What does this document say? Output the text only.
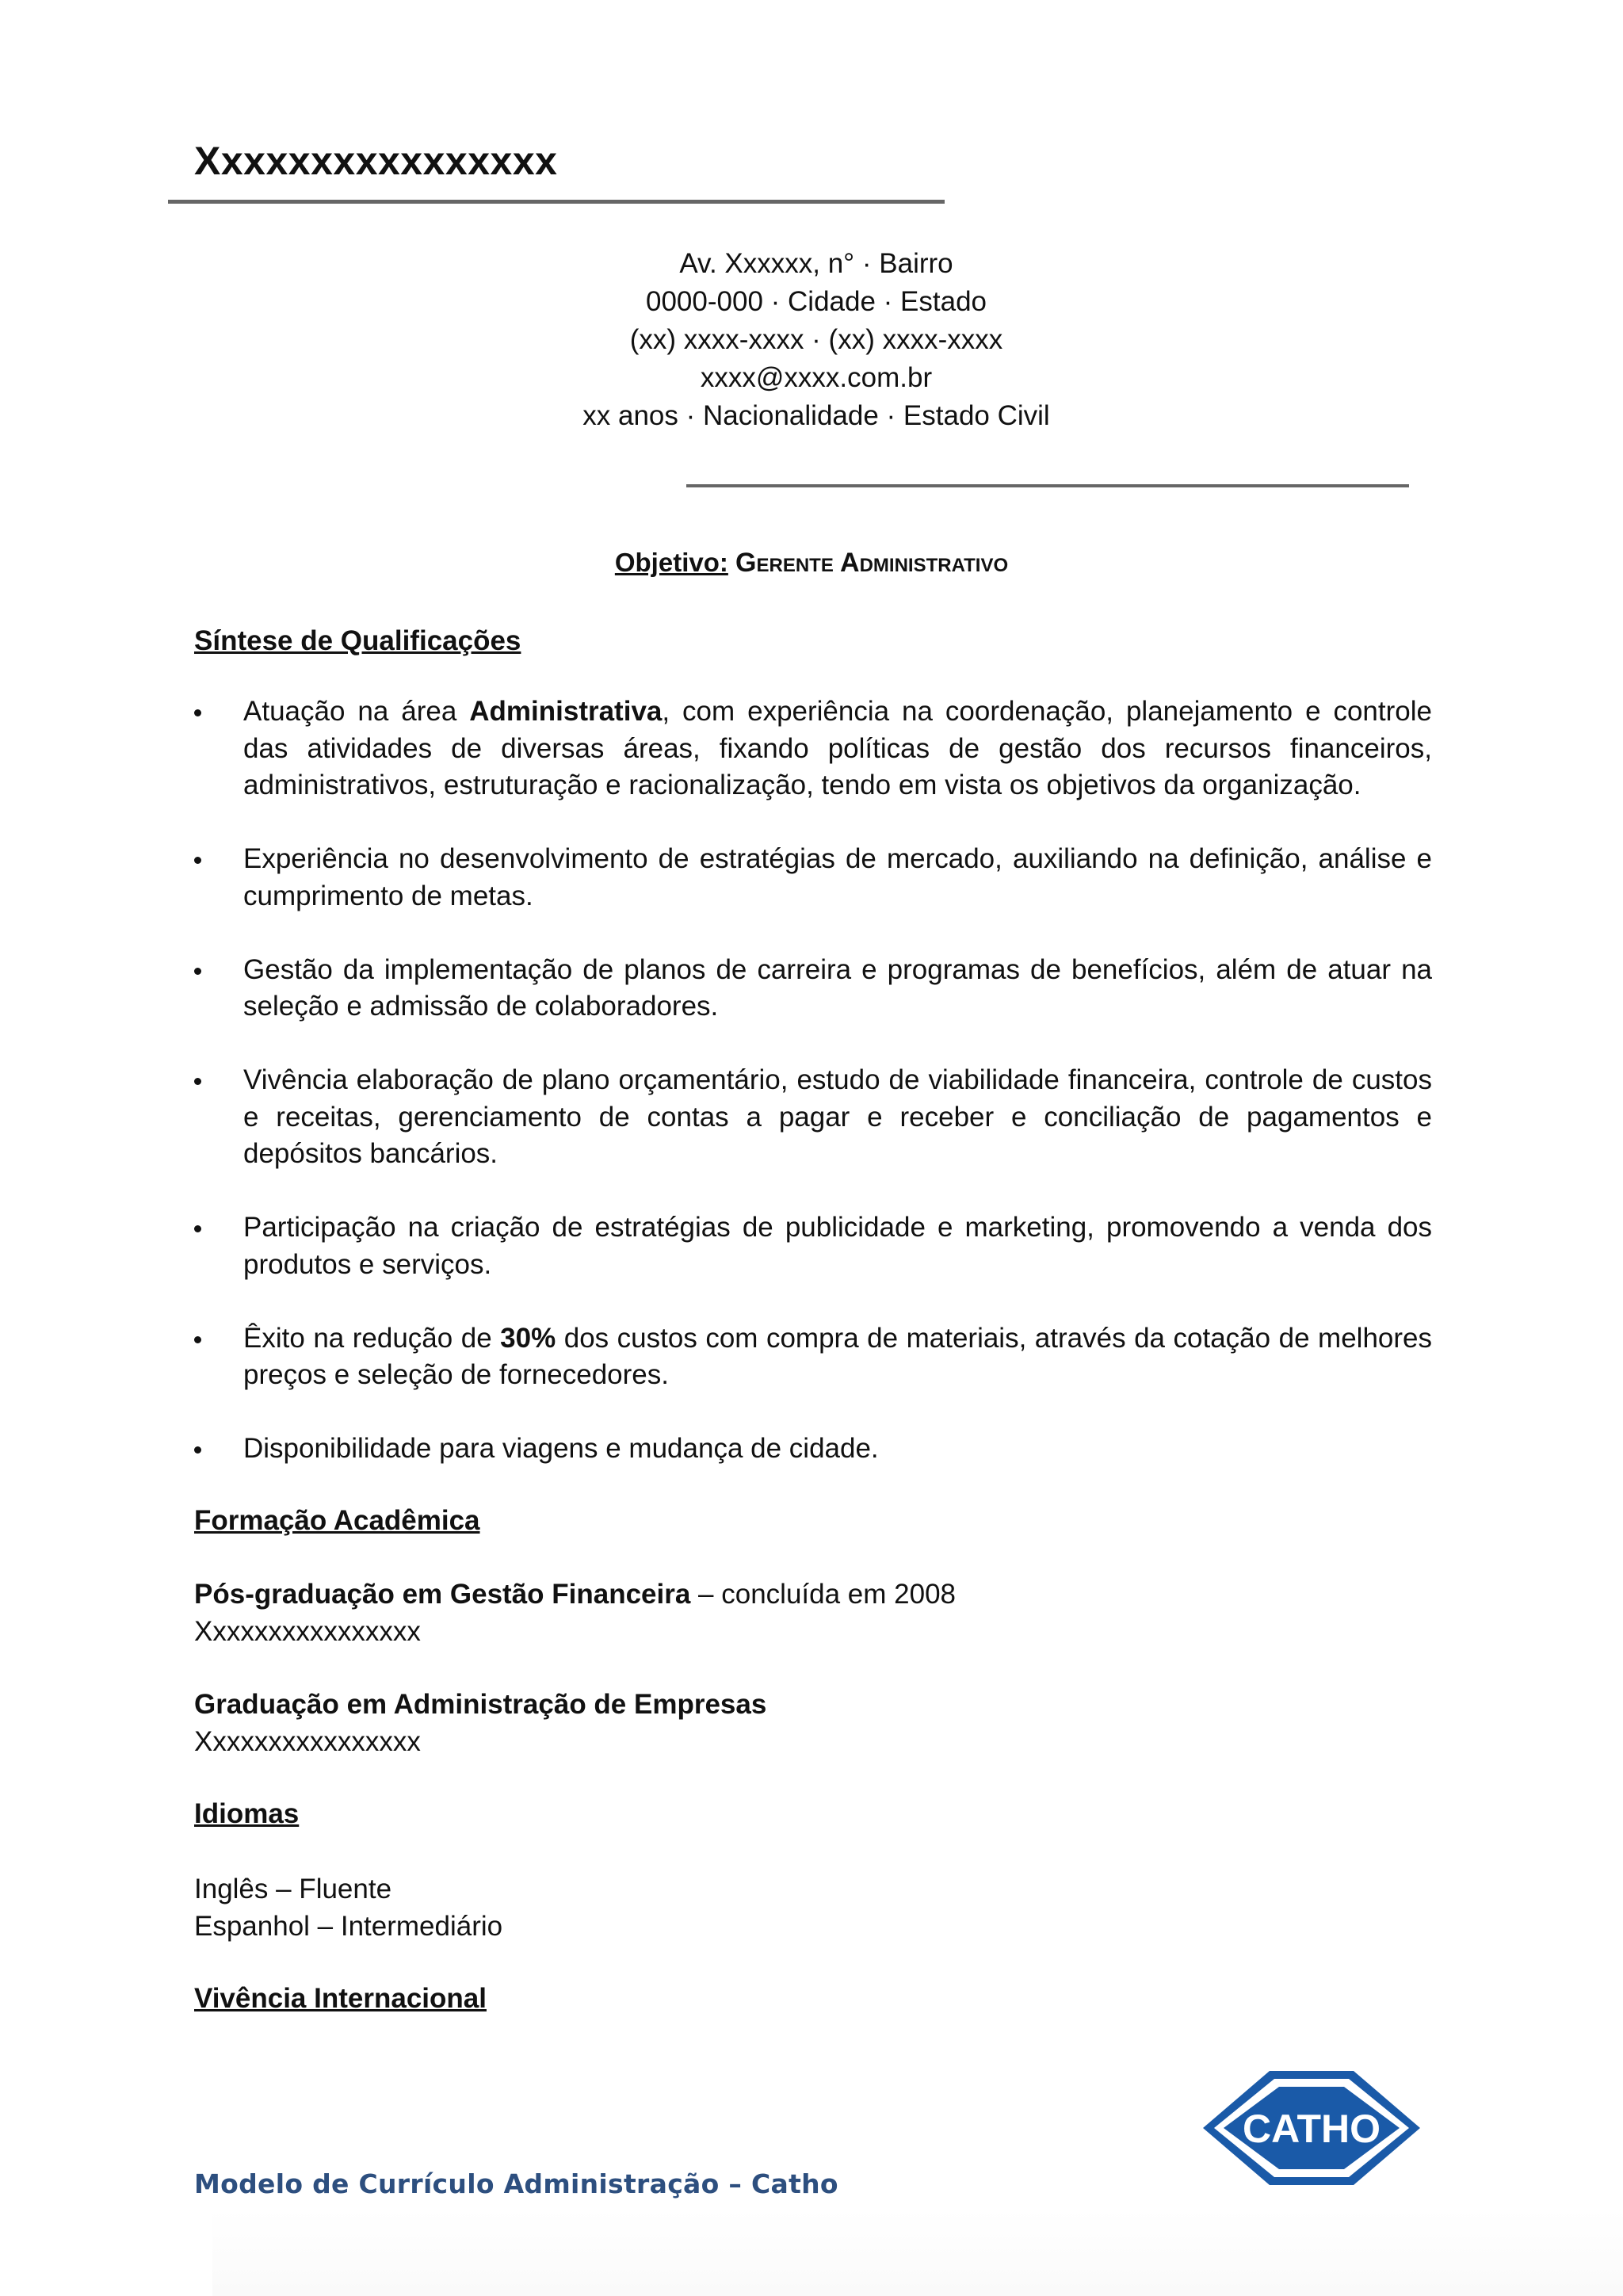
Xxxxxxxxxxxxxxxx
Av. Xxxxxx, n° · Bairro
0000-000 · Cidade · Estado
(xx) xxxx-xxxx · (xx) xxxx-xxxx
xxxx@xxxx.com.br
xx anos · Nacionalidade · Estado Civil
Objetivo: Gerente Administrativo
Síntese de Qualificações
Atuação na área Administrativa, com experiência na coordenação, planejamento e controle das atividades de diversas áreas, fixando políticas de gestão dos recursos financeiros, administrativos, estruturação e racionalização, tendo em vista os objetivos da organização.
Experiência no desenvolvimento de estratégias de mercado, auxiliando na definição, análise e cumprimento de metas.
Gestão da implementação de planos de carreira e programas de benefícios, além de atuar na seleção e admissão de colaboradores.
Vivência elaboração de plano orçamentário, estudo de viabilidade financeira, controle de custos e receitas, gerenciamento de contas a pagar e receber e conciliação de pagamentos e depósitos bancários.
Participação na criação de estratégias de publicidade e marketing, promovendo a venda dos produtos e serviços.
Êxito na redução de 30% dos custos com compra de materiais, através da cotação de melhores preços e seleção de fornecedores.
Disponibilidade para viagens e mudança de cidade.
Formação Acadêmica
Pós-graduação em Gestão Financeira – concluída em 2008
Xxxxxxxxxxxxxxxx
Graduação em Administração de Empresas
Xxxxxxxxxxxxxxxx
Idiomas
Inglês – Fluente
Espanhol – Intermediário
Vivência Internacional
Modelo de Currículo Administração – Catho
CATHO
